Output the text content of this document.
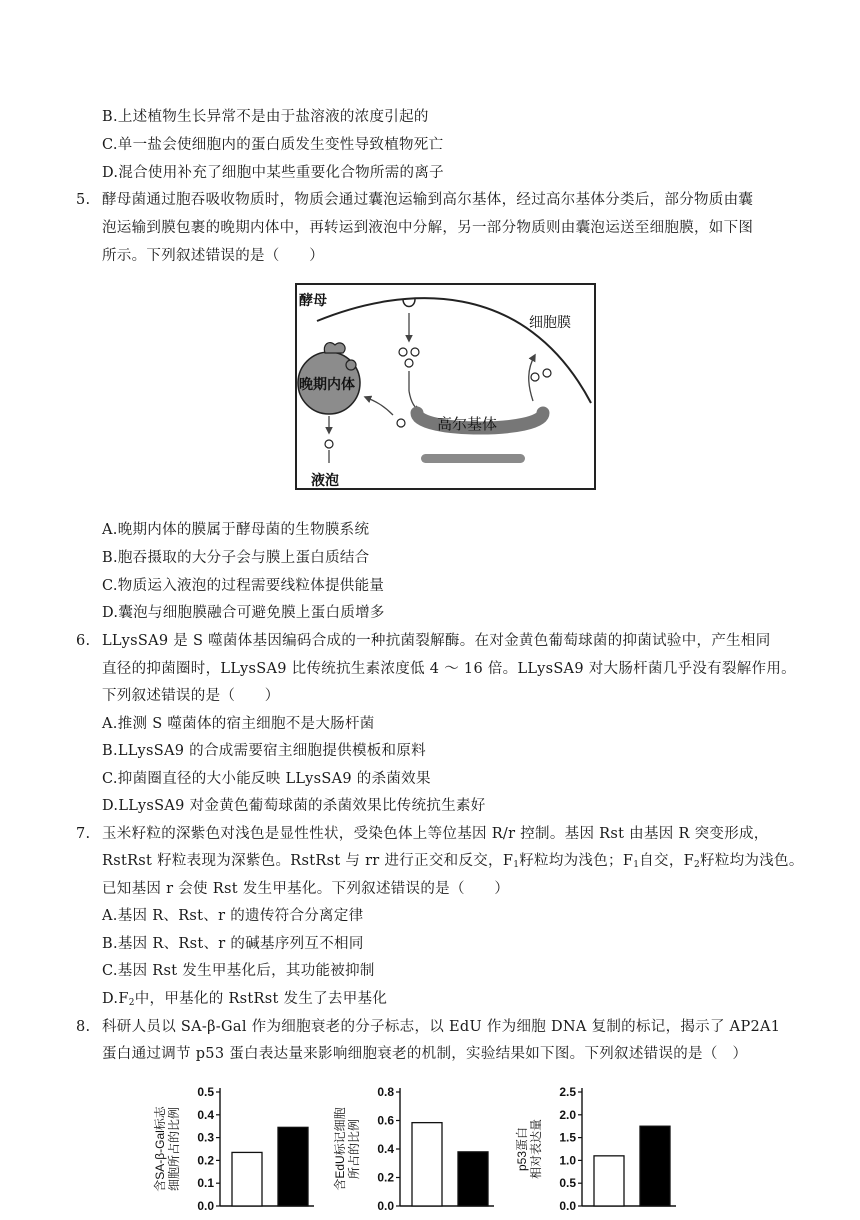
B.上述植物生长异常不是由于盐溶液的浓度引起的
C.单一盐会使细胞内的蛋白质发生变性导致植物死亡
D.混合使用补充了细胞中某些重要化合物所需的离子
5. 酵母菌通过胞吞吸收物质时，物质会通过囊泡运输到高尔基体，经过高尔基体分类后，部分物质由囊
泡运输到膜包裹的晚期内体中，再转运到液泡中分解，另一部分物质则由囊泡运送至细胞膜，如下图
所示。下列叙述错误的是（　　）
高尔基体
晚期内体
液泡
酵母
细胞膜
A.晚期内体的膜属于酵母菌的生物膜系统
B.胞吞摄取的大分子会与膜上蛋白质结合
C.物质运入液泡的过程需要线粒体提供能量
D.囊泡与细胞膜融合可避免膜上蛋白质增多
6. LLysSA9 是 S 噬菌体基因编码合成的一种抗菌裂解酶。在对金黄色葡萄球菌的抑菌试验中，产生相同
直径的抑菌圈时，LLysSA9 比传统抗生素浓度低 4 ～ 16 倍。LLysSA9 对大肠杆菌几乎没有裂解作用。
下列叙述错误的是（　　）
A.推测 S 噬菌体的宿主细胞不是大肠杆菌
B.LLysSA9 的合成需要宿主细胞提供模板和原料
C.抑菌圈直径的大小能反映 LLysSA9 的杀菌效果
D.LLysSA9 对金黄色葡萄球菌的杀菌效果比传统抗生素好
7. 玉米籽粒的深紫色对浅色是显性性状，受染色体上等位基因 R/r 控制。基因 Rst 由基因 R 突变形成，
RstRst 籽粒表现为深紫色。RstRst 与 rr 进行正交和反交，$F_1$籽粒均为浅色；$F_1$自交，$F_2$籽粒均为浅色。
已知基因 r 会使 Rst 发生甲基化。下列叙述错误的是（　　）
A.基因 R、Rst、r 的遗传符合分离定律
B.基因 R、Rst、r 的碱基序列互不相同
C.基因 Rst 发生甲基化后，其功能被抑制
$D.F_2$中，甲基化的 RstRst 发生了去甲基化
8. 科研人员以 SA-β-Gal 作为细胞衰老的分子标志，以 EdU 作为细胞 DNA 复制的标记，揭示了 AP2A1
蛋白通过调节 p53 蛋白表达量来影响细胞衰老的机制，实验结果如下图。下列叙述错误的是（　）
含SA-β-Gal标志 细胞所占的比例
0.0
0.1
0.2
0.3
0.4
0.5
含EdU标记细胞 所占的比例
0.0
0.2
0.4
0.6
0.8
p53蛋白 相对表达量
0.0
0.5
1.0
1.5
2.0
2.5
